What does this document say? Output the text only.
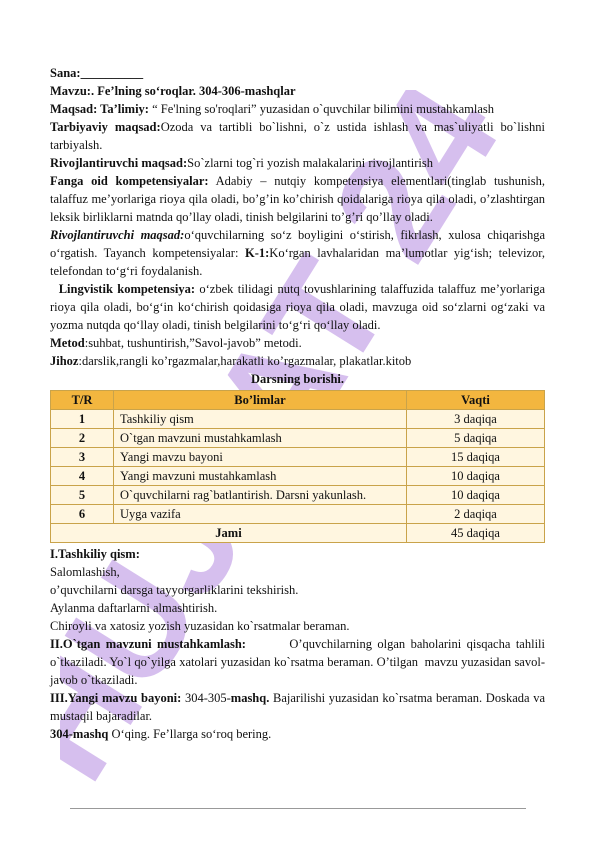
24

Sana:__________

Mavzu:. Fe’lning so‘roqlar. 304-306-mashqlar

Maqsad: Ta’limiy: “ Fe'lning so'roqlari” yuzasidan o`quvchilar bilimini mustahkamlash

Tarbiyaviy maqsad:Ozoda va tartibli bo`lishni, o`z ustida ishlash va mas`uliyatli bo`lishni tarbiyalsh.

Rivojlantiruvchi maqsad:So`zlarni tog`ri yozish malakalarini rivojlantirish

Fanga oid kompetensiyalar: Adabiy – nutqiy kompetensiya elementlari(tinglab tushunish, talaffuz me’yorlariga rioya qila oladi, bo’g’in ko’chirish qoidalariga rioya qila oladi, o’zlashtirgan leksik birliklarni matnda qo’llay oladi, tinish belgilarini to’g’ri qo’llay oladi.

Rivojlantiruvchi maqsad:o‘quvchilarning so‘z boyligini o‘stirish, fikrlash, xulosa chiqarishga o‘rgatish. Tayanch kompetensiyalar: K-1:Ko‘rgan lavhalaridan ma’lumotlar yig‘ish; televizor, telefondan to‘g‘ri foydalanish.

Lingvistik kompetensiya: o‘zbek tilidagi nutq tovushlarining talaffuzida talaffuz me’yorlariga rioya qila oladi, bo‘g‘in ko‘chirish qoidasiga rioya qila oladi, mavzuga oid so‘zlarni og‘zaki va yozma nutqda qo‘llay oladi, tinish belgilarini to‘g‘ri qo‘llay oladi.

Metod:suhbat, tushuntirish,”Savol-javob” metodi.

Jihoz:darslik,rangli ko’rgazmalar,harakatli ko’rgazmalar, plakatlar.kitob

Darsning borishi.

T/R	Bo’limlar	Vaqti
1	Tashkiliy qism	3 daqiqa
2	O`tgan mavzuni mustahkamlash	5 daqiqa
3	Yangi mavzu bayoni	15 daqiqa
4	Yangi mavzuni mustahkamlash	10 daqiqa
5	O`quvchilarni rag`batlantirish. Darsni yakunlash.	10 daqiqa
6	Uyga vazifa	2 daqiqa
Jami		45 daqiqa

I.Tashkiliy qism:

Salomlashish,

o’quvchilarni darsga tayyorgarliklarini tekshirish.

Aylanma daftarlarni almashtirish.

Chiroyli va xatosiz yozish yuzasidan ko`rsatmalar beraman.

II.O`tgan mavzuni mustahkamlash:        O’quvchilarning olgan baholarini qisqacha tahlili o`tkaziladi. Yo`l qo`yilga xatolari yuzasidan ko`rsatma beraman. O’tilgan  mavzu yuzasidan savol-javob o`tkaziladi.

III.Yangi mavzu bayoni: 304-305-mashq. Bajarilishi yuzasidan ko`rsatma beraman. Doskada va mustaqil bajaradilar.

304-mashq O‘qing. Fe’llarga so‘roq bering.
